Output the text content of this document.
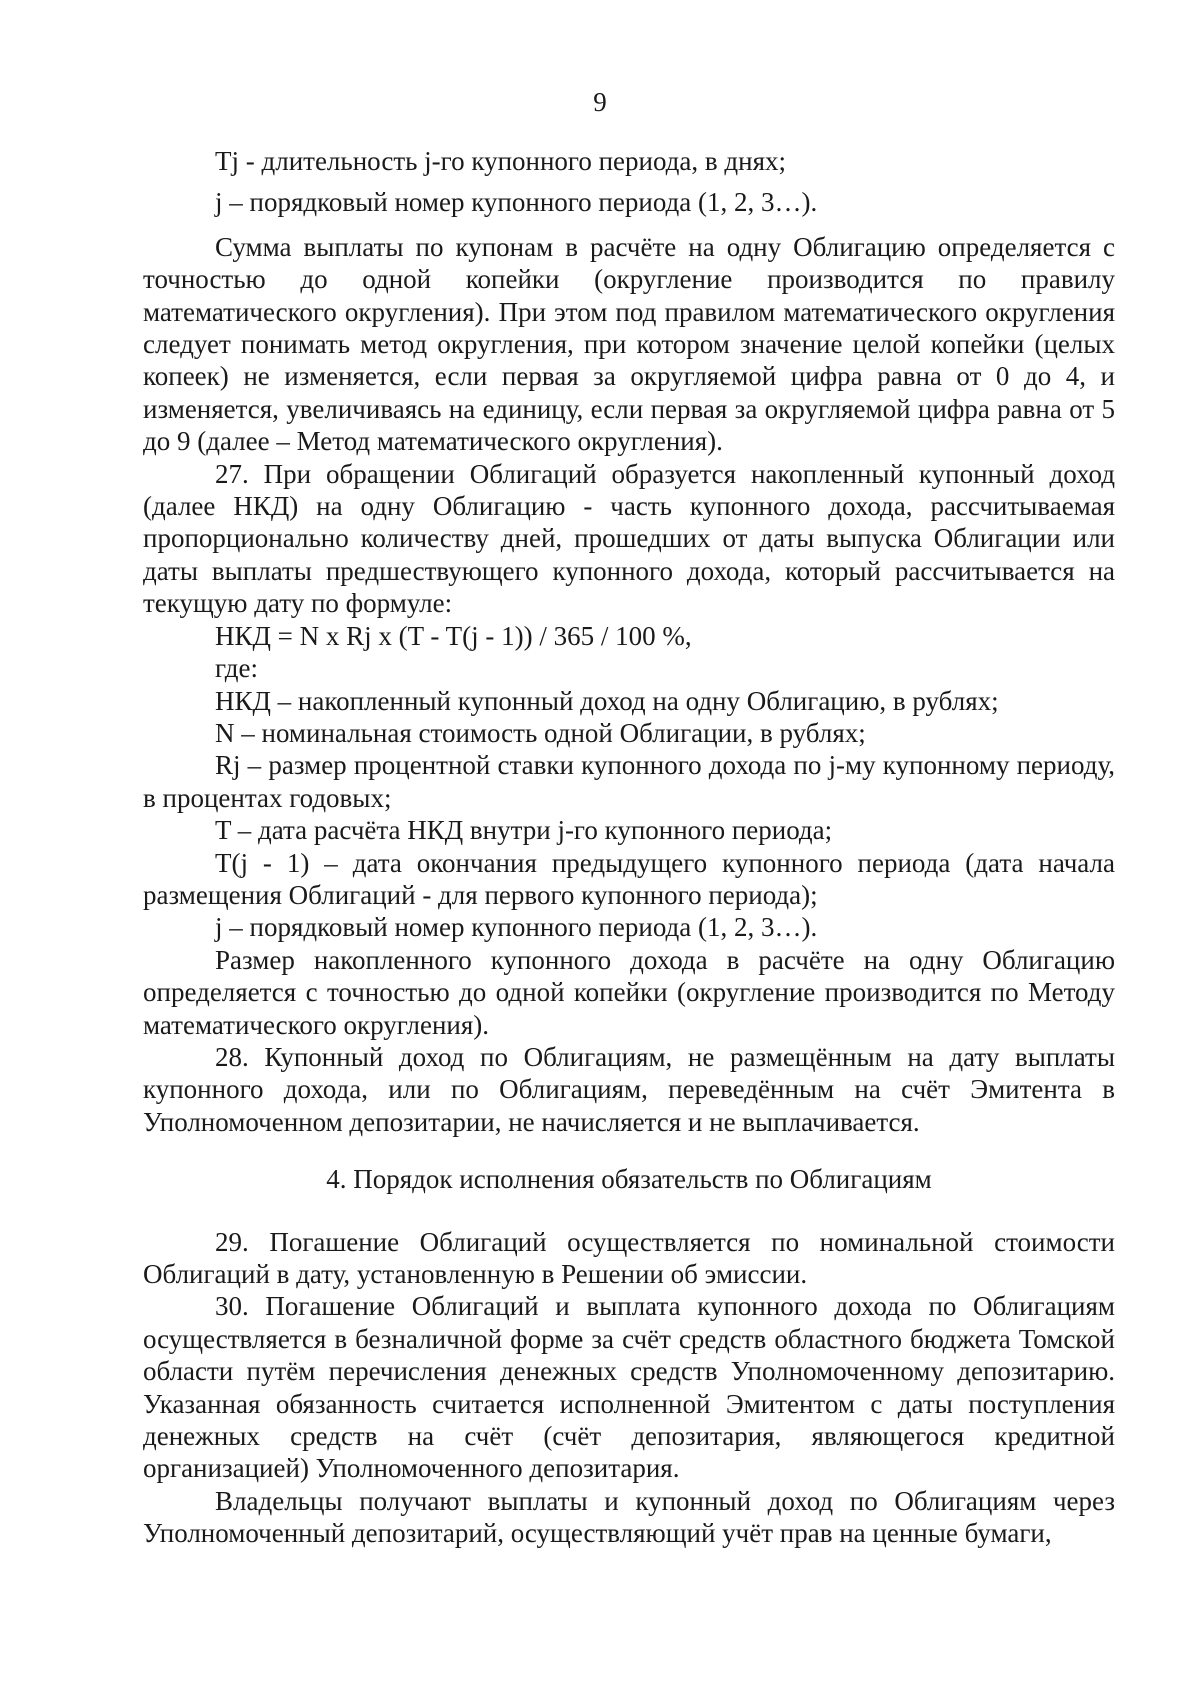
9

Tj - длительность j-го купонного периода, в днях;

j – порядковый номер купонного периода (1, 2, 3…).

Сумма выплаты по купонам в расчёте на одну Облигацию определяется с точностью до одной копейки (округление производится по правилу математического округления). При этом под правилом математического округления следует понимать метод округления, при котором значение целой копейки (целых копеек) не изменяется, если первая за округляемой цифра равна от 0 до 4, и изменяется, увеличиваясь на единицу, если первая за округляемой цифра равна от 5 до 9 (далее – Метод математического округления).

27. При обращении Облигаций образуется накопленный купонный доход (далее НКД) на одну Облигацию - часть купонного дохода, рассчитываемая пропорционально количеству дней, прошедших от даты выпуска Облигации или даты выплаты предшествующего купонного дохода, который рассчитывается на текущую дату по формуле:

НКД = N x Rj x (T - T(j - 1)) / 365 / 100 %,

где:

НКД – накопленный купонный доход на одну Облигацию, в рублях;

N – номинальная стоимость одной Облигации, в рублях;

Rj – размер процентной ставки купонного дохода по j-му купонному периоду, в процентах годовых;

T – дата расчёта НКД внутри j-го купонного периода;

T(j - 1) – дата окончания предыдущего купонного периода (дата начала размещения Облигаций - для первого купонного периода);

j – порядковый номер купонного периода (1, 2, 3…).

Размер накопленного купонного дохода в расчёте на одну Облигацию определяется с точностью до одной копейки (округление производится по Методу математического округления).

28. Купонный доход по Облигациям, не размещённым на дату выплаты купонного дохода, или по Облигациям, переведённым на счёт Эмитента в Уполномоченном депозитарии, не начисляется и не выплачивается.

4. Порядок исполнения обязательств по Облигациям

29. Погашение Облигаций осуществляется по номинальной стоимости Облигаций в дату, установленную в Решении об эмиссии.

30. Погашение Облигаций и выплата купонного дохода по Облигациям осуществляется в безналичной форме за счёт средств областного бюджета Томской области путём перечисления денежных средств Уполномоченному депозитарию. Указанная обязанность считается исполненной Эмитентом с даты поступления денежных средств на счёт (счёт депозитария, являющегося кредитной организацией) Уполномоченного депозитария.

Владельцы получают выплаты и купонный доход по Облигациям через Уполномоченный депозитарий, осуществляющий учёт прав на ценные бумаги,
